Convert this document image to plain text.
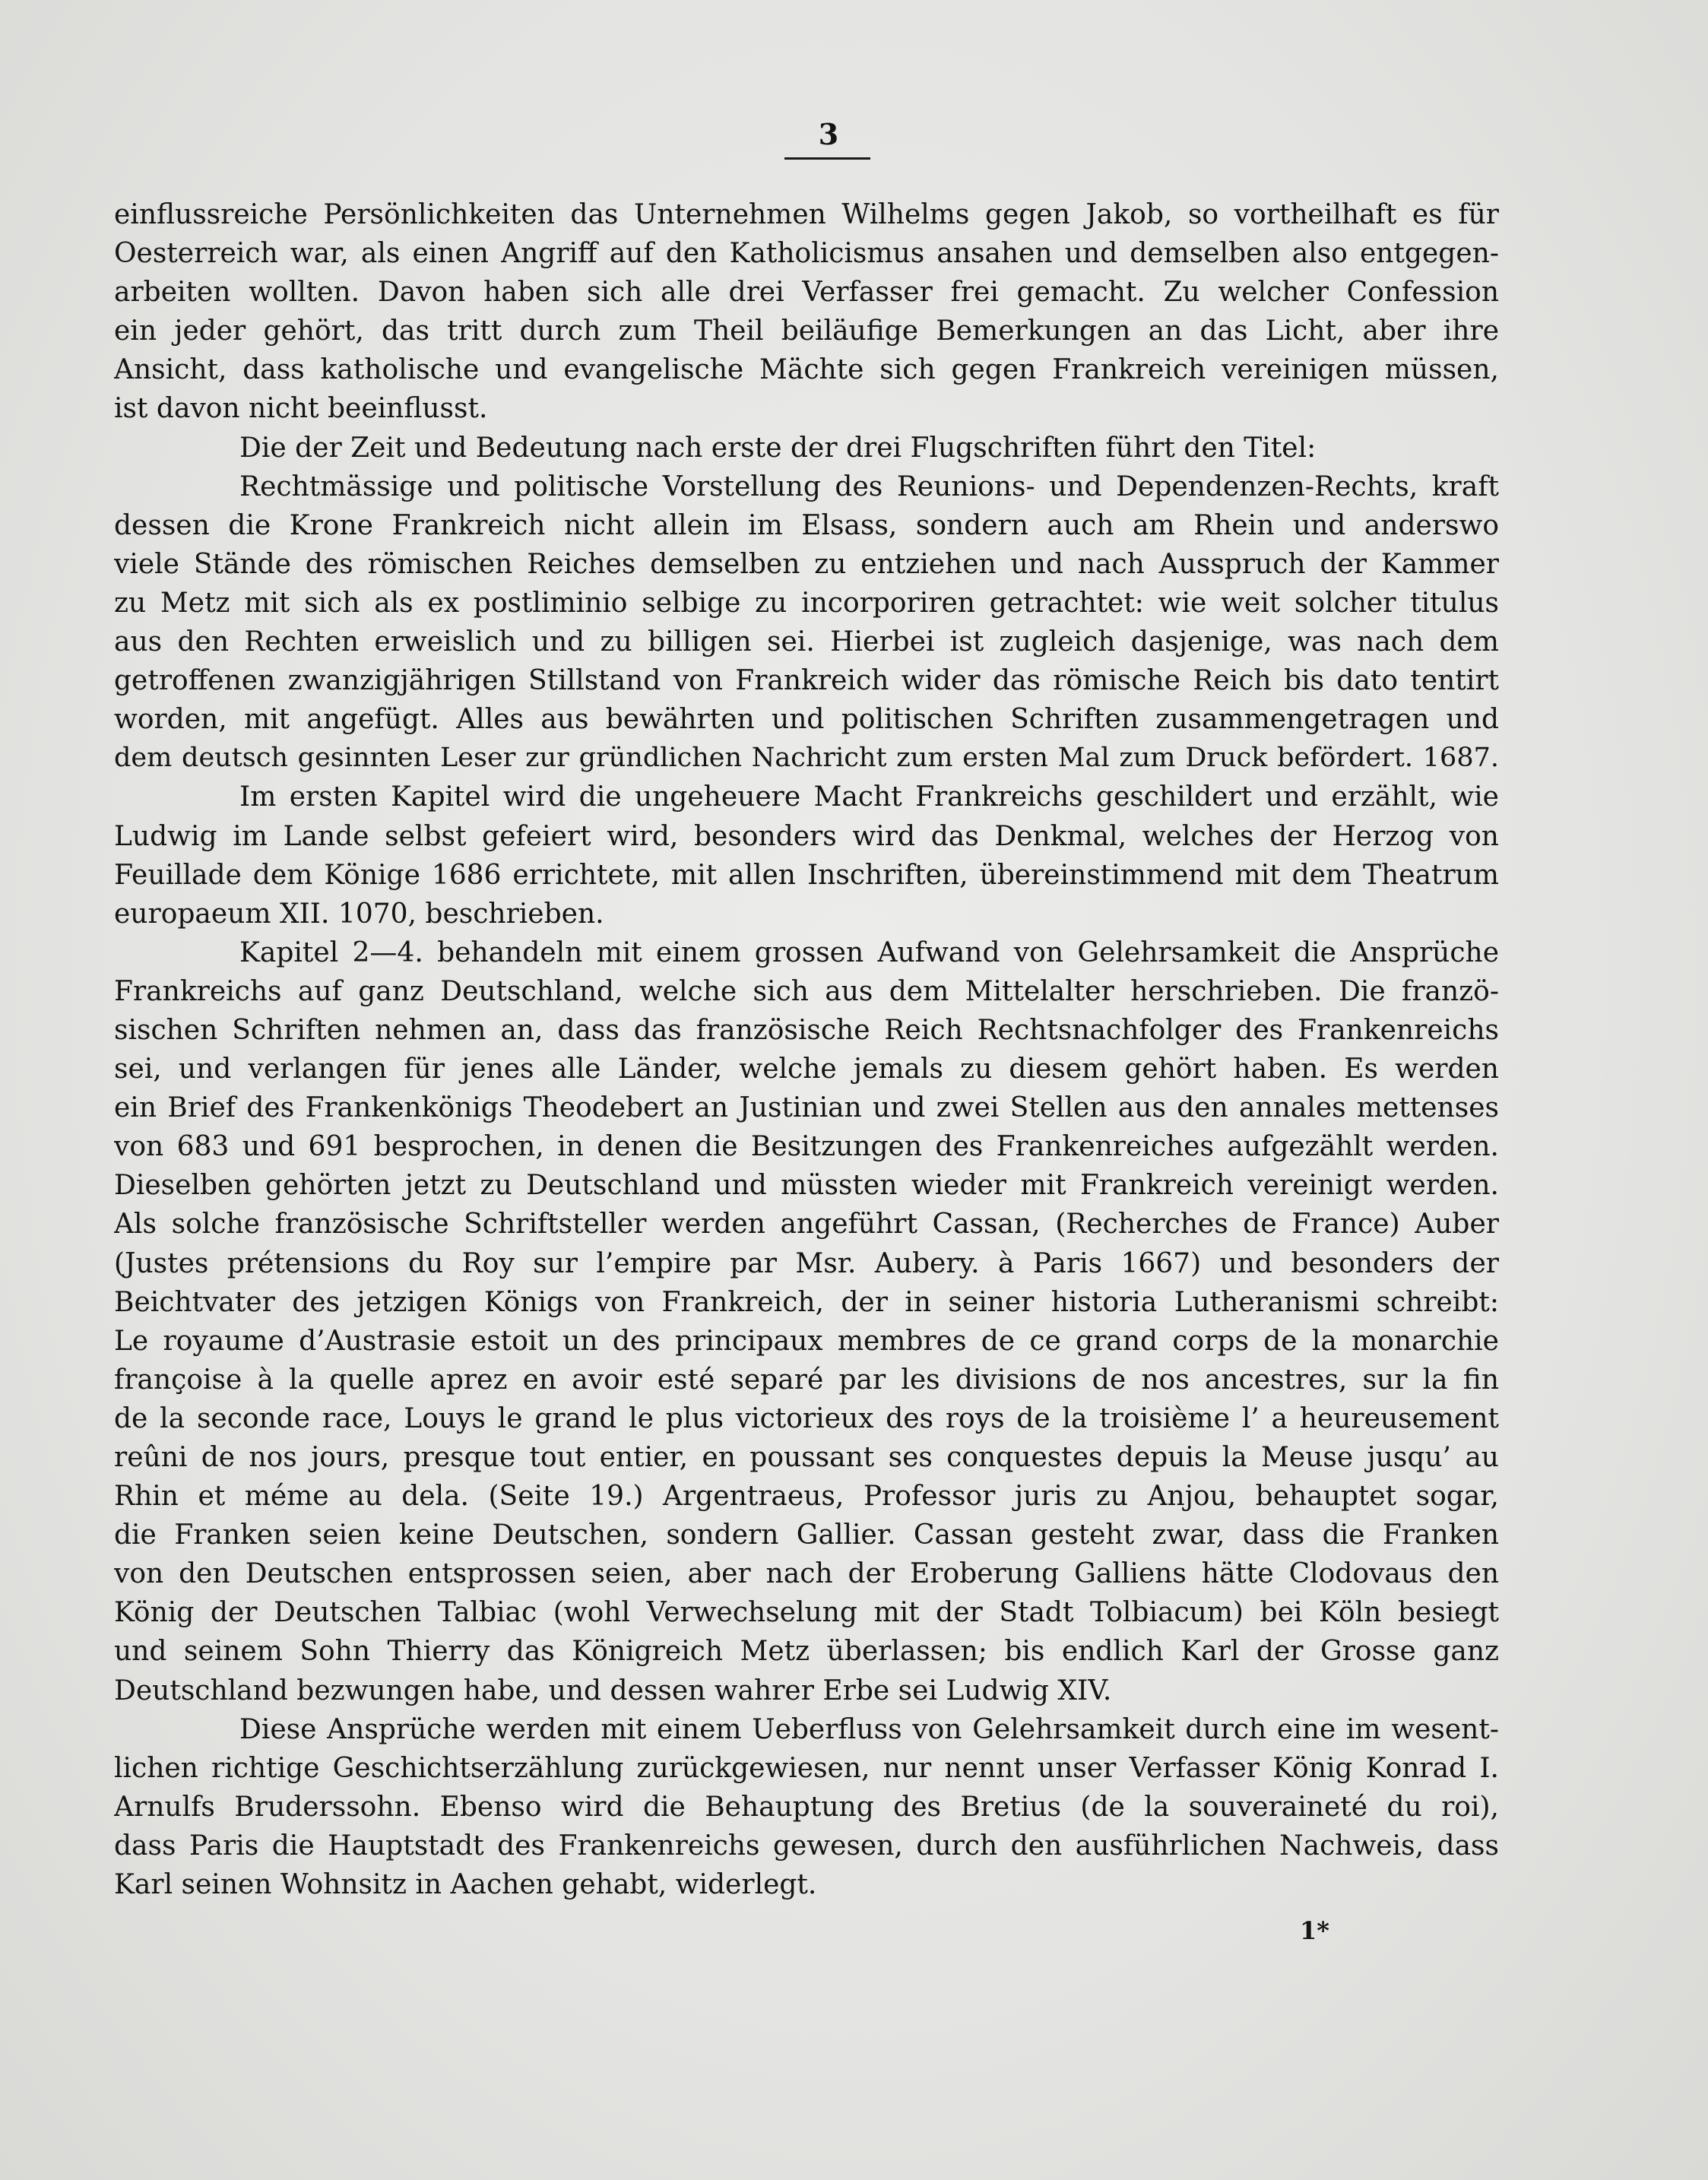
3
einflussreiche Persönlichkeiten das Unternehmen Wilhelms gegen Jakob, so vortheilhaft es für
Oesterreich war, als einen Angriff auf den Katholicismus ansahen und demselben also entgegen-
arbeiten wollten. Davon haben sich alle drei Verfasser frei gemacht. Zu welcher Confession
ein jeder gehört, das tritt durch zum Theil beiläufige Bemerkungen an das Licht, aber ihre
Ansicht, dass katholische und evangelische Mächte sich gegen Frankreich vereinigen müssen,
ist davon nicht beeinflusst.
Die der Zeit und Bedeutung nach erste der drei Flugschriften führt den Titel:
Rechtmässige und politische Vorstellung des Reunions- und Dependenzen-Rechts, kraft
dessen die Krone Frankreich nicht allein im Elsass, sondern auch am Rhein und anderswo
viele Stände des römischen Reiches demselben zu entziehen und nach Ausspruch der Kammer
zu Metz mit sich als ex postliminio selbige zu incorporiren getrachtet: wie weit solcher titulus
aus den Rechten erweislich und zu billigen sei. Hierbei ist zugleich dasjenige, was nach dem
getroffenen zwanzigjährigen Stillstand von Frankreich wider das römische Reich bis dato tentirt
worden, mit angefügt. Alles aus bewährten und politischen Schriften zusammengetragen und
dem deutsch gesinnten Leser zur gründlichen Nachricht zum ersten Mal zum Druck befördert. 1687.
Im ersten Kapitel wird die ungeheuere Macht Frankreichs geschildert und erzählt, wie
Ludwig im Lande selbst gefeiert wird, besonders wird das Denkmal, welches der Herzog von
Feuillade dem Könige 1686 errichtete, mit allen Inschriften, übereinstimmend mit dem Theatrum
europaeum XII. 1070, beschrieben.
Kapitel 2—4. behandeln mit einem grossen Aufwand von Gelehrsamkeit die Ansprüche
Frankreichs auf ganz Deutschland, welche sich aus dem Mittelalter herschrieben. Die franzö-
sischen Schriften nehmen an, dass das französische Reich Rechtsnachfolger des Frankenreichs
sei, und verlangen für jenes alle Länder, welche jemals zu diesem gehört haben. Es werden
ein Brief des Frankenkönigs Theodebert an Justinian und zwei Stellen aus den annales mettenses
von 683 und 691 besprochen, in denen die Besitzungen des Frankenreiches aufgezählt werden.
Dieselben gehörten jetzt zu Deutschland und müssten wieder mit Frankreich vereinigt werden.
Als solche französische Schriftsteller werden angeführt Cassan, (Recherches de France) Auber
(Justes prétensions du Roy sur l’empire par Msr. Aubery. à Paris 1667) und besonders der
Beichtvater des jetzigen Königs von Frankreich, der in seiner historia Lutheranismi schreibt:
Le royaume d’Austrasie estoit un des principaux membres de ce grand corps de la monarchie
françoise à la quelle aprez en avoir esté separé par les divisions de nos ancestres, sur la fin
de la seconde race, Louys le grand le plus victorieux des roys de la troisième l’ a heureusement
reûni de nos jours, presque tout entier, en poussant ses conquestes depuis la Meuse jusqu’ au
Rhin et méme au dela. (Seite 19.) Argentraeus, Professor juris zu Anjou, behauptet sogar,
die Franken seien keine Deutschen, sondern Gallier. Cassan gesteht zwar, dass die Franken
von den Deutschen entsprossen seien, aber nach der Eroberung Galliens hätte Clodovaus den
König der Deutschen Talbiac (wohl Verwechselung mit der Stadt Tolbiacum) bei Köln besiegt
und seinem Sohn Thierry das Königreich Metz überlassen; bis endlich Karl der Grosse ganz
Deutschland bezwungen habe, und dessen wahrer Erbe sei Ludwig XIV.
Diese Ansprüche werden mit einem Ueberfluss von Gelehrsamkeit durch eine im wesent-
lichen richtige Geschichtserzählung zurückgewiesen, nur nennt unser Verfasser König Konrad I.
Arnulfs Bruderssohn. Ebenso wird die Behauptung des Bretius (de la souveraineté du roi),
dass Paris die Hauptstadt des Frankenreichs gewesen, durch den ausführlichen Nachweis, dass
Karl seinen Wohnsitz in Aachen gehabt, widerlegt.
1*
